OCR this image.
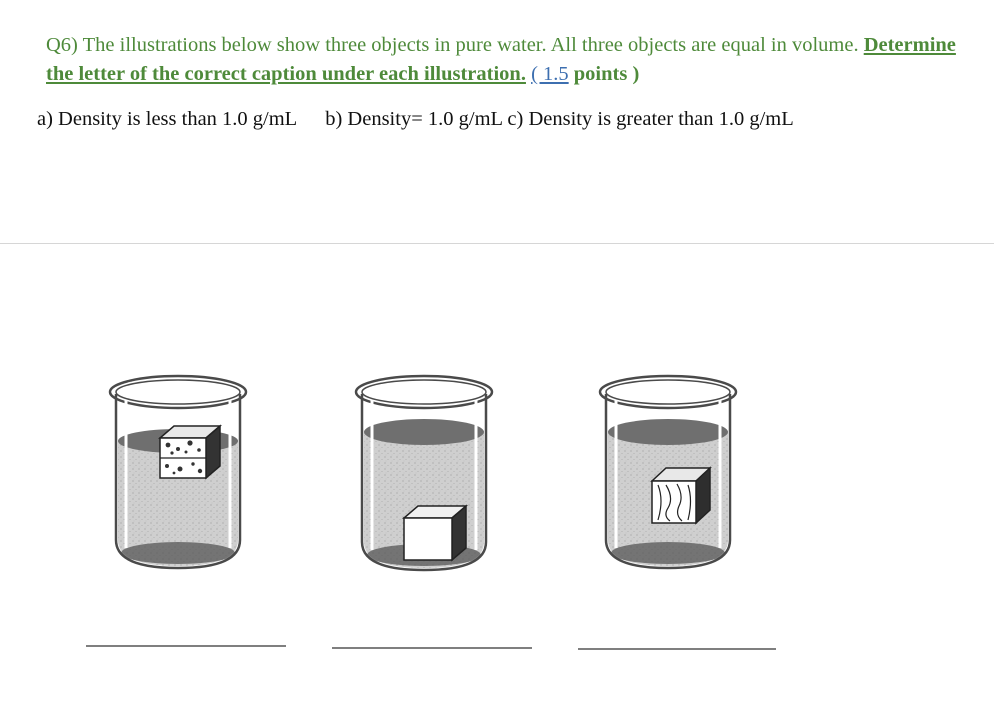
Q6) The illustrations below show three objects in pure water. All three objects are equal in volume. Determine the letter of the correct caption under each illustration. ( 1.5 points )
a) Density is less than 1.0 g/mL b) Density= 1.0 g/mL c) Density is greater than 1.0 g/mL
